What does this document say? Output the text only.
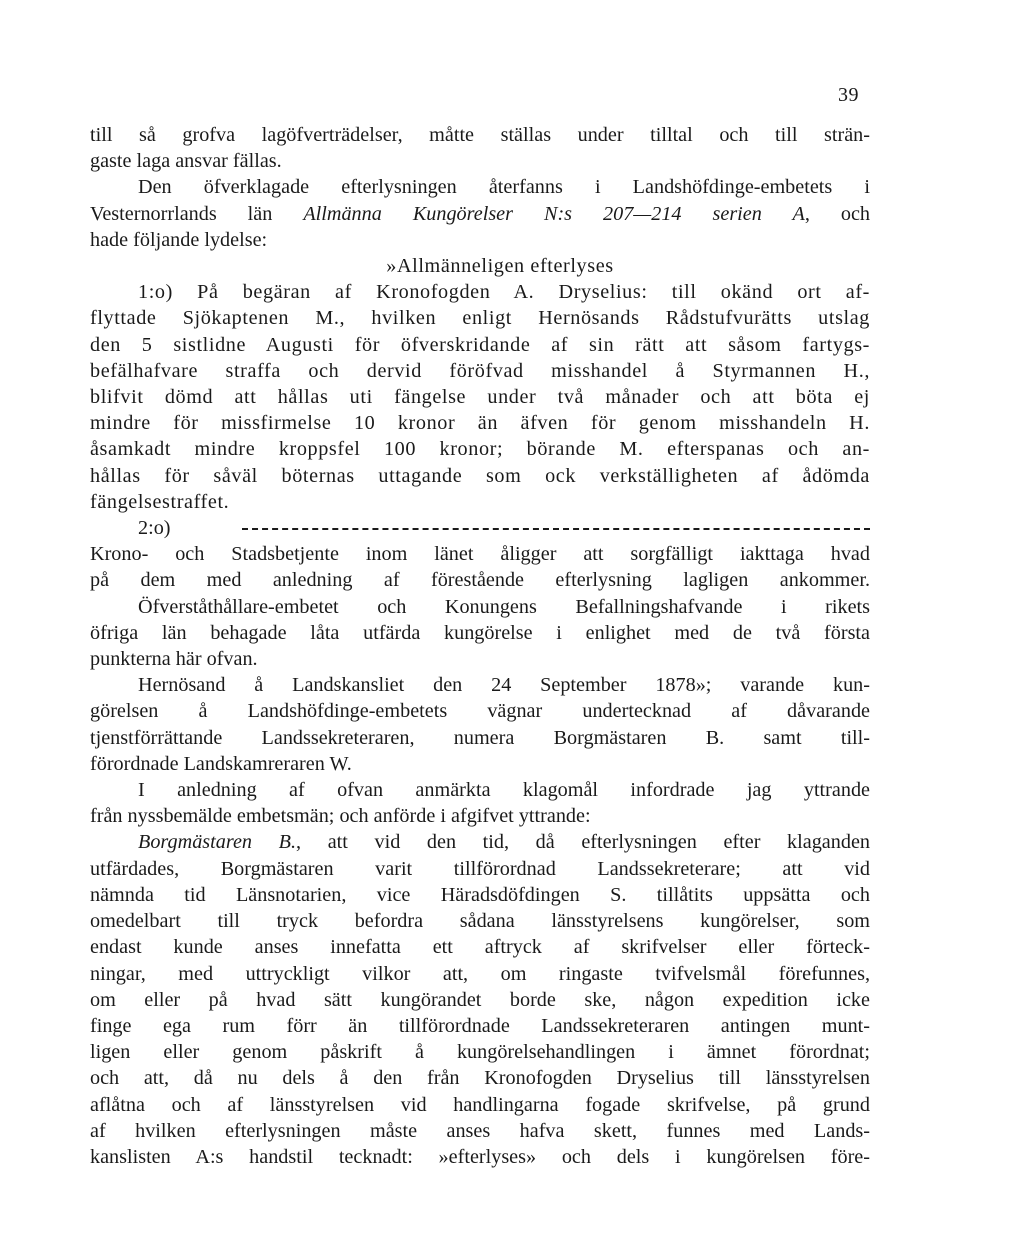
39
till så grofva lagöfverträdelser, måtte ställas under tilltal och till strän-
gaste laga ansvar fällas.
Den öfverklagade efterlysningen återfanns i Landshöfdinge-embetets i
Vesternorrlands län Allmänna Kungörelser N:s 207—214 serien A, och
hade följande lydelse:
»Allmänneligen efterlyses
1:o) På begäran af Kronofogden A. Dryselius: till okänd ort af-
flyttade Sjökaptenen M., hvilken enligt Hernösands Rådstufvurätts utslag
den 5 sistlidne Augusti för öfverskridande af sin rätt att såsom fartygs-
befälhafvare straffa och dervid föröfvad misshandel å Styrmannen H.,
blifvit dömd att hållas uti fängelse under två månader och att böta ej
mindre för missfirmelse 10 kronor än äfven för genom misshandeln H.
åsamkadt mindre kroppsfel 100 kronor; börande M. efterspanas och an-
hållas för såväl böternas uttagande som ock verkställigheten af ådömda
fängelsestraffet.
2:o)
Krono- och Stadsbetjente inom länet åligger att sorgfälligt iakttaga hvad
på dem med anledning af förestående efterlysning lagligen ankommer.
Öfverståthållare-embetet och Konungens Befallningshafvande i rikets
öfriga län behagade låta utfärda kungörelse i enlighet med de två första
punkterna här ofvan.
Hernösand å Landskansliet den 24 September 1878»; varande kun-
görelsen å Landshöfdinge-embetets vägnar undertecknad af dåvarande
tjenstförrättande Landssekreteraren, numera Borgmästaren B. samt till-
förordnade Landskamreraren W.
I anledning af ofvan anmärkta klagomål infordrade jag yttrande
från nyssbemälde embetsmän; och anförde i afgifvet yttrande:
Borgmästaren B., att vid den tid, då efterlysningen efter klaganden
utfärdades, Borgmästaren varit tillförordnad Landssekreterare; att vid
nämnda tid Länsnotarien, vice Häradsdöfdingen S. tillåtits uppsätta och
omedelbart till tryck befordra sådana länsstyrelsens kungörelser, som
endast kunde anses innefatta ett aftryck af skrifvelser eller förteck-
ningar, med uttryckligt vilkor att, om ringaste tvifvelsmål förefunnes,
om eller på hvad sätt kungörandet borde ske, någon expedition icke
finge ega rum förr än tillförordnade Landssekreteraren antingen munt-
ligen eller genom påskrift å kungörelsehandlingen i ämnet förordnat;
och att, då nu dels å den från Kronofogden Dryselius till länsstyrelsen
aflåtna och af länsstyrelsen vid handlingarna fogade skrifvelse, på grund
af hvilken efterlysningen måste anses hafva skett, funnes med Lands-
kanslisten A:s handstil tecknadt: »efterlyses» och dels i kungörelsen före-
